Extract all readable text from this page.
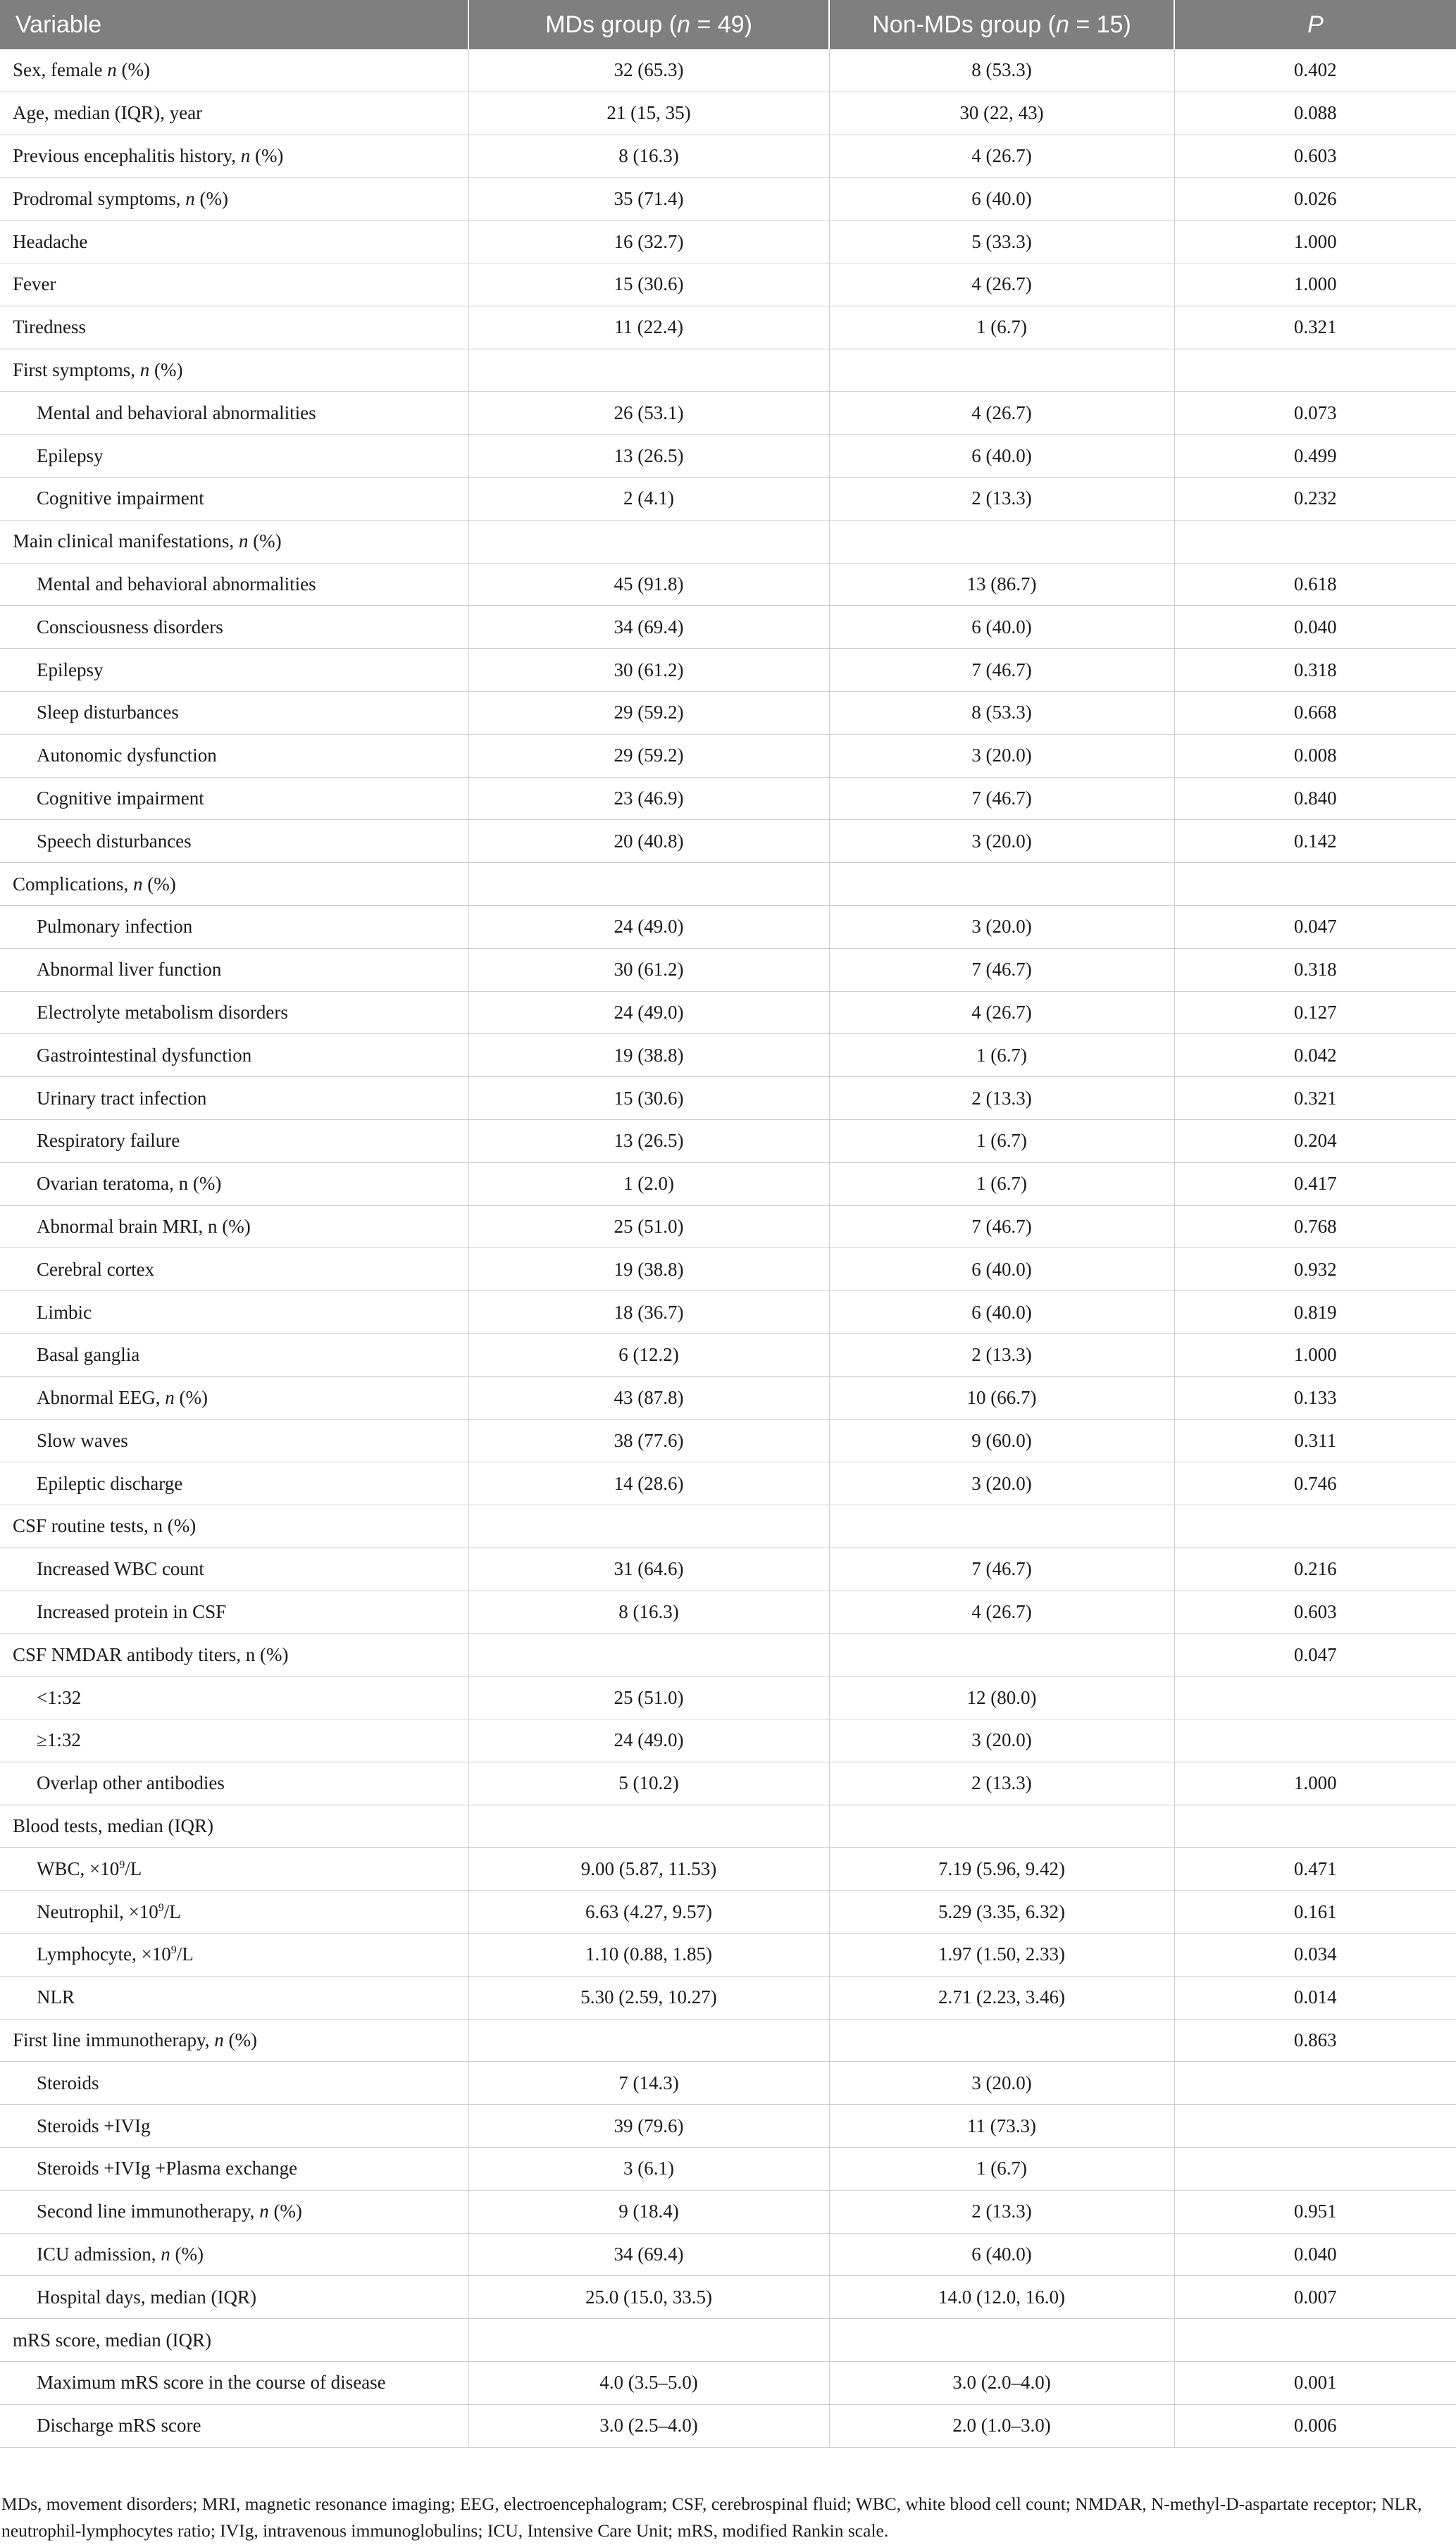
Variable	MDs group (n = 49)	Non-MDs group (n = 15)	P
Sex, female n (%)	32 (65.3)	8 (53.3)	0.402
Age, median (IQR), year	21 (15, 35)	30 (22, 43)	0.088
Previous encephalitis history, n (%)	8 (16.3)	4 (26.7)	0.603
Prodromal symptoms, n (%)	35 (71.4)	6 (40.0)	0.026
Headache	16 (32.7)	5 (33.3)	1.000
Fever	15 (30.6)	4 (26.7)	1.000
Tiredness	11 (22.4)	1 (6.7)	0.321
First symptoms, n (%)			
Mental and behavioral abnormalities	26 (53.1)	4 (26.7)	0.073
Epilepsy	13 (26.5)	6 (40.0)	0.499
Cognitive impairment	2 (4.1)	2 (13.3)	0.232
Main clinical manifestations, n (%)			
Mental and behavioral abnormalities	45 (91.8)	13 (86.7)	0.618
Consciousness disorders	34 (69.4)	6 (40.0)	0.040
Epilepsy	30 (61.2)	7 (46.7)	0.318
Sleep disturbances	29 (59.2)	8 (53.3)	0.668
Autonomic dysfunction	29 (59.2)	3 (20.0)	0.008
Cognitive impairment	23 (46.9)	7 (46.7)	0.840
Speech disturbances	20 (40.8)	3 (20.0)	0.142
Complications, n (%)			
Pulmonary infection	24 (49.0)	3 (20.0)	0.047
Abnormal liver function	30 (61.2)	7 (46.7)	0.318
Electrolyte metabolism disorders	24 (49.0)	4 (26.7)	0.127
Gastrointestinal dysfunction	19 (38.8)	1 (6.7)	0.042
Urinary tract infection	15 (30.6)	2 (13.3)	0.321
Respiratory failure	13 (26.5)	1 (6.7)	0.204
Ovarian teratoma, n (%)	1 (2.0)	1 (6.7)	0.417
Abnormal brain MRI, n (%)	25 (51.0)	7 (46.7)	0.768
Cerebral cortex	19 (38.8)	6 (40.0)	0.932
Limbic	18 (36.7)	6 (40.0)	0.819
Basal ganglia	6 (12.2)	2 (13.3)	1.000
Abnormal EEG, n (%)	43 (87.8)	10 (66.7)	0.133
Slow waves	38 (77.6)	9 (60.0)	0.311
Epileptic discharge	14 (28.6)	3 (20.0)	0.746
CSF routine tests, n (%)			
Increased WBC count	31 (64.6)	7 (46.7)	0.216
Increased protein in CSF	8 (16.3)	4 (26.7)	0.603
CSF NMDAR antibody titers, n (%)			0.047
<1:32	25 (51.0)	12 (80.0)	
≥1:32	24 (49.0)	3 (20.0)	
Overlap other antibodies	5 (10.2)	2 (13.3)	1.000
Blood tests, median (IQR)			
WBC, $\times 10^9/L$	9.00 (5.87, 11.53)	7.19 (5.96, 9.42)	0.471
Neutrophil, $\times 10^9/L$	6.63 (4.27, 9.57)	5.29 (3.35, 6.32)	0.161
Lymphocyte, $\times 10^9/L$	1.10 (0.88, 1.85)	1.97 (1.50, 2.33)	0.034
NLR	5.30 (2.59, 10.27)	2.71 (2.23, 3.46)	0.014
First line immunotherapy, n (%)			0.863
Steroids	7 (14.3)	3 (20.0)	
Steroids +IVIg	39 (79.6)	11 (73.3)	
Steroids +IVIg +Plasma exchange	3 (6.1)	1 (6.7)	
Second line immunotherapy, n (%)	9 (18.4)	2 (13.3)	0.951
ICU admission, n (%)	34 (69.4)	6 (40.0)	0.040
Hospital days, median (IQR)	25.0 (15.0, 33.5)	14.0 (12.0, 16.0)	0.007
mRS score, median (IQR)			
Maximum mRS score in the course of disease	4.0 (3.5–5.0)	3.0 (2.0–4.0)	0.001
Discharge mRS score	3.0 (2.5–4.0)	2.0 (1.0–3.0)	0.006
MDs, movement disorders; MRI, magnetic resonance imaging; EEG, electroencephalogram; CSF, cerebrospinal fluid; WBC, white blood cell count; NMDAR, N-methyl-D-aspartate receptor; NLR, neutrophil-lymphocytes ratio; IVIg, intravenous immunoglobulins; ICU, Intensive Care Unit; mRS, modified Rankin scale.
